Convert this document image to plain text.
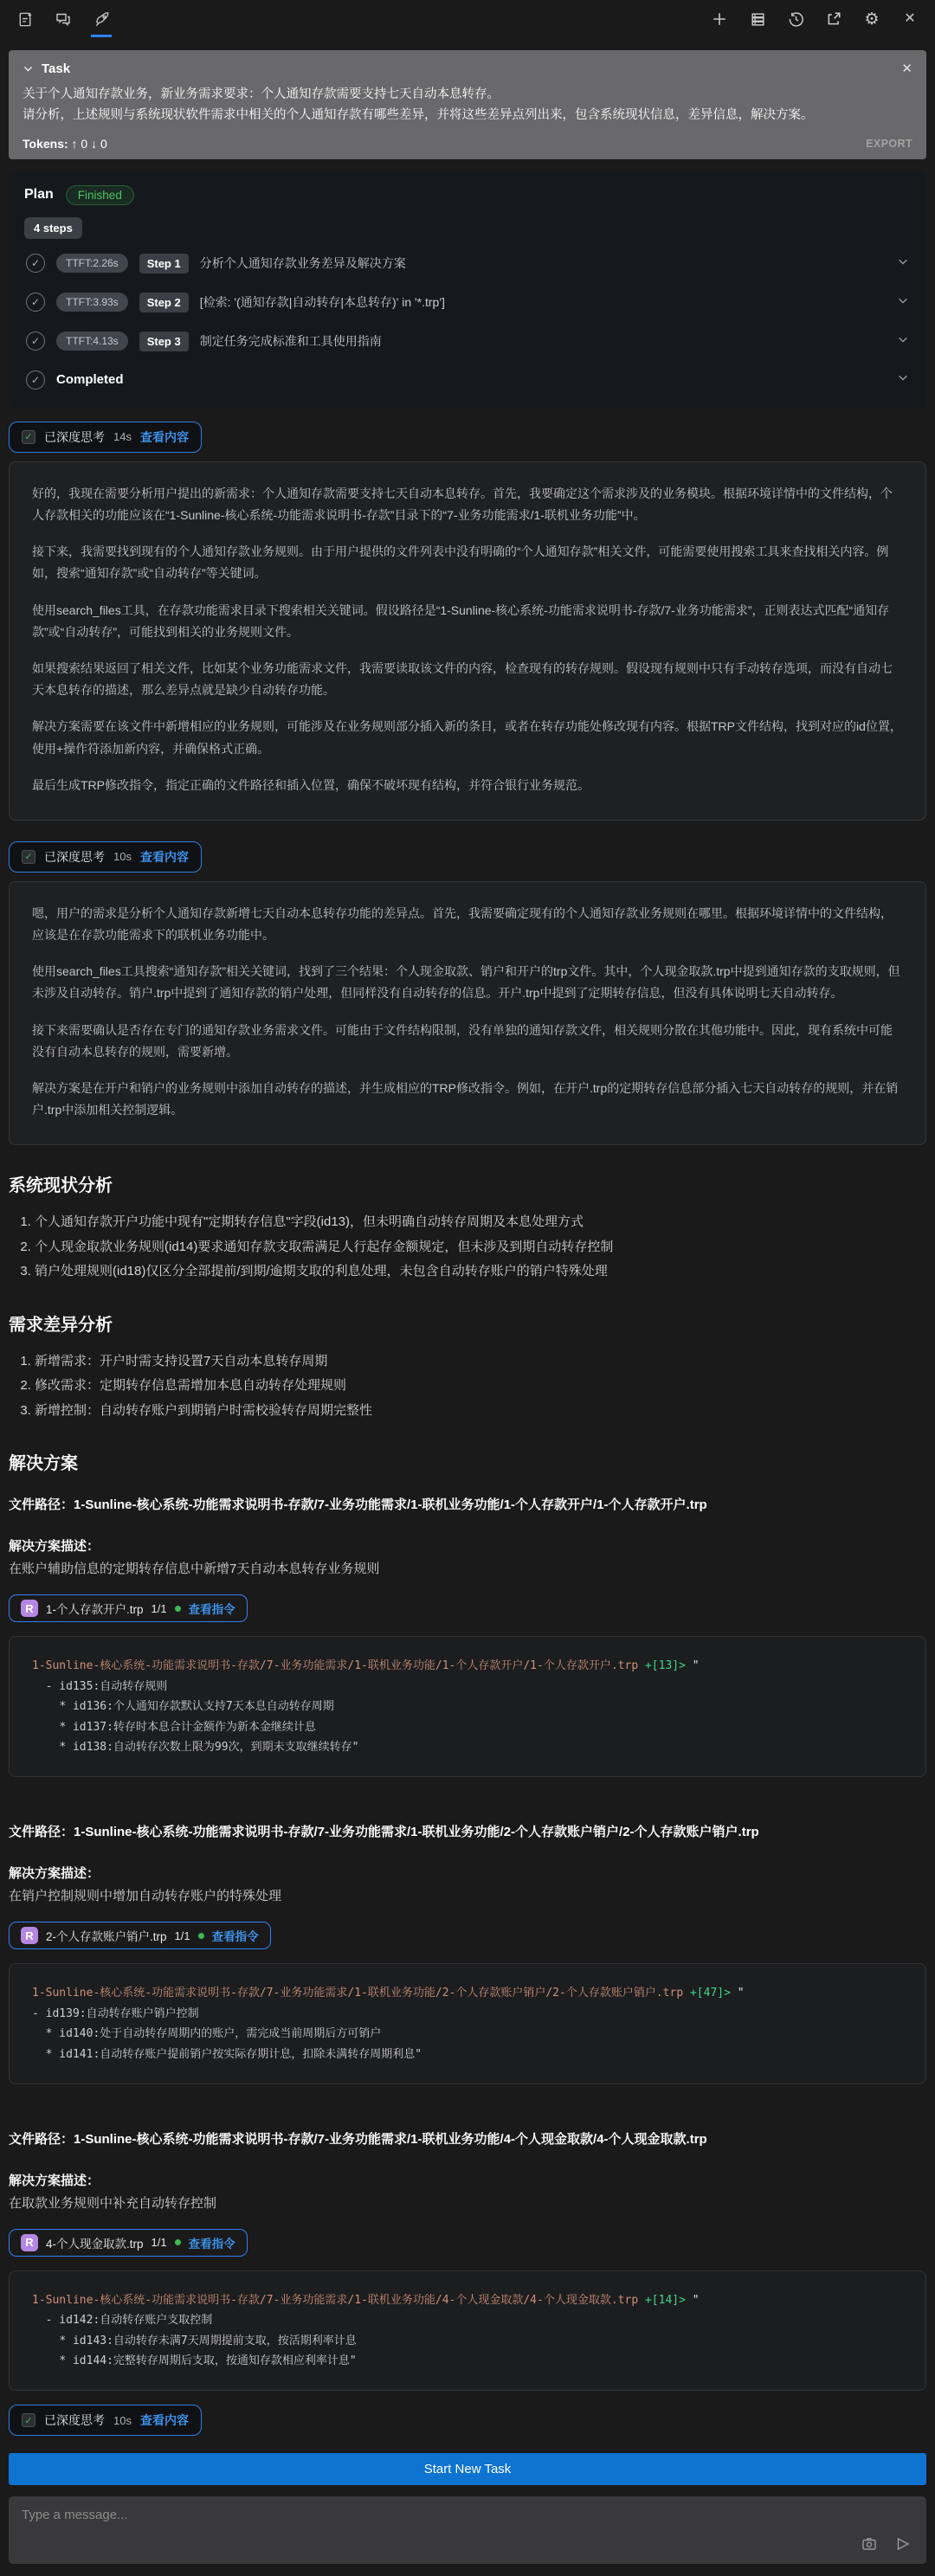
⚙ ✕
Task	✕
关于个人通知存款业务，新业务需求要求：个人通知存款需要支持七天自动本息转存。
请分析，上述规则与系统现状软件需求中相关的个人通知存款有哪些差异，并将这些差异点列出来，包含系统现状信息，差异信息，解决方案。
Tokens: ↑ 0 ↓ 0	EXPORT
Plan	Finished
4 steps
✓	TTFT:2.26s	Step 1	分析个人通知存款业务差异及解决方案
✓	TTFT:3.93s	Step 2	[检索: '(通知存款|自动转存|本息转存)' in '*.trp']
✓	TTFT:4.13s	Step 3	制定任务完成标准和工具使用指南
✓	Completed
✓ 已深度思考 14s 查看内容

好的，我现在需要分析用户提出的新需求：个人通知存款需要支持七天自动本息转存。首先，我要确定这个需求涉及的业务模块。根据环境详情中的文件结构，个人存款相关的功能应该在“1-Sunline-核心系统-功能需求说明书-存款”目录下的“7-业务功能需求/1-联机业务功能”中。

接下来，我需要找到现有的个人通知存款业务规则。由于用户提供的文件列表中没有明确的“个人通知存款”相关文件，可能需要使用搜索工具来查找相关内容。例如，搜索“通知存款”或“自动转存”等关键词。

使用search_files工具，在存款功能需求目录下搜索相关关键词。假设路径是“1-Sunline-核心系统-功能需求说明书-存款/7-业务功能需求”，正则表达式匹配“通知存款”或“自动转存”，可能找到相关的业务规则文件。

如果搜索结果返回了相关文件，比如某个业务功能需求文件，我需要读取该文件的内容，检查现有的转存规则。假设现有规则中只有手动转存选项，而没有自动七天本息转存的描述，那么差异点就是缺少自动转存功能。

解决方案需要在该文件中新增相应的业务规则，可能涉及在业务规则部分插入新的条目，或者在转存功能处修改现有内容。根据TRP文件结构，找到对应的id位置，使用+操作符添加新内容，并确保格式正确。

最后生成TRP修改指令，指定正确的文件路径和插入位置，确保不破坏现有结构，并符合银行业务规范。

✓ 已深度思考 10s 查看内容

嗯，用户的需求是分析个人通知存款新增七天自动本息转存功能的差异点。首先，我需要确定现有的个人通知存款业务规则在哪里。根据环境详情中的文件结构，应该是在存款功能需求下的联机业务功能中。

使用search_files工具搜索“通知存款”相关关键词，找到了三个结果：个人现金取款、销户和开户的trp文件。其中，个人现金取款.trp中提到通知存款的支取规则，但未涉及自动转存。销户.trp中提到了通知存款的销户处理，但同样没有自动转存的信息。开户.trp中提到了定期转存信息，但没有具体说明七天自动转存。

接下来需要确认是否存在专门的通知存款业务需求文件。可能由于文件结构限制，没有单独的通知存款文件，相关规则分散在其他功能中。因此，现有系统中可能没有自动本息转存的规则，需要新增。

解决方案是在开户和销户的业务规则中添加自动转存的描述，并生成相应的TRP修改指令。例如，在开户.trp的定期转存信息部分插入七天自动转存的规则，并在销户.trp中添加相关控制逻辑。

系统现状分析
1. 个人通知存款开户功能中现有"定期转存信息"字段(id13)，但未明确自动转存周期及本息处理方式
2. 个人现金取款业务规则(id14)要求通知存款支取需满足人行起存金额规定，但未涉及到期自动转存控制
3. 销户处理规则(id18)仅区分全部提前/到期/逾期支取的利息处理，未包含自动转存账户的销户特殊处理
需求差异分析
1. 新增需求：开户时需支持设置7天自动本息转存周期
2. 修改需求：定期转存信息需增加本息自动转存处理规则
3. 新增控制：自动转存账户到期销户时需校验转存周期完整性
解决方案

文件路径：1-Sunline-核心系统-功能需求说明书-存款/7-业务功能需求/1-联机业务功能/1-个人存款开户/1-个人存款开户.trp

解决方案描述：

在账户辅助信息的定期转存信息中新增7天自动本息转存业务规则

R	1-个人存款开户.trp 1/1 查看指令
1-Sunline-核心系统-功能需求说明书-存款/7-业务功能需求/1-联机业务功能/1-个人存款开户/1-个人存款开户.trp +[13]> "
- id135:自动转存规则
* id136:个人通知存款默认支持7天本息自动转存周期
* id137:转存时本息合计金额作为新本金继续计息
* id138:自动转存次数上限为99次，到期未支取继续转存"

文件路径：1-Sunline-核心系统-功能需求说明书-存款/7-业务功能需求/1-联机业务功能/2-个人存款账户销户/2-个人存款账户销户.trp

解决方案描述：

在销户控制规则中增加自动转存账户的特殊处理

R	2-个人存款账户销户.trp 1/1 查看指令
1-Sunline-核心系统-功能需求说明书-存款/7-业务功能需求/1-联机业务功能/2-个人存款账户销户/2-个人存款账户销户.trp +[47]> "
- id139:自动转存账户销户控制
* id140:处于自动转存周期内的账户，需完成当前周期后方可销户
* id141:自动转存账户提前销户按实际存期计息，扣除未满转存周期利息"

文件路径：1-Sunline-核心系统-功能需求说明书-存款/7-业务功能需求/1-联机业务功能/4-个人现金取款/4-个人现金取款.trp

解决方案描述：

在取款业务规则中补充自动转存控制

R	4-个人现金取款.trp 1/1 查看指令
1-Sunline-核心系统-功能需求说明书-存款/7-业务功能需求/1-联机业务功能/4-个人现金取款/4-个人现金取款.trp +[14]> "
- id142:自动转存账户支取控制
* id143:自动转存未满7天周期提前支取，按活期利率计息
* id144:完整转存周期后支取，按通知存款相应利率计息"
✓ 已深度思考 10s 查看内容
Start New Task
Type a message...
